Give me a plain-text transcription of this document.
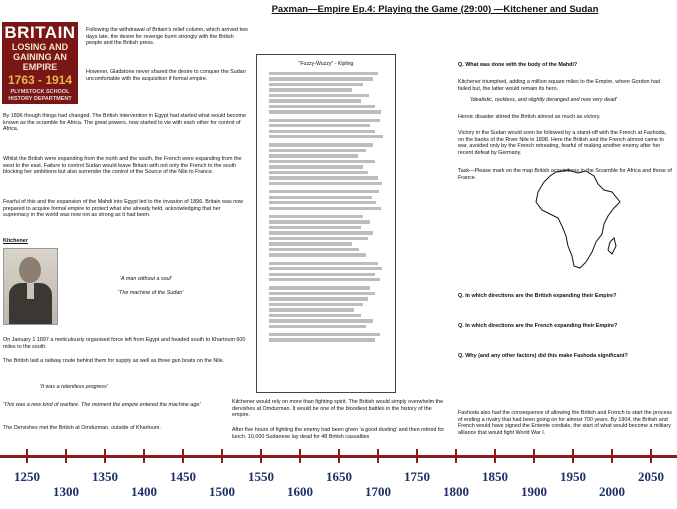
Paxman—Empire Ep.4: Playing the Game (29:00) —Kitchener and Sudan
BRITAIN
LOSING AND GAINING AN EMPIRE
1763 - 1914
PLYMSTOCK SCHOOL HISTORY DEPARTMENT
Following the withdrawal of Britain's relief column, which arrived two days late, the desire for revenge burnt strongly with the British people and the British press.
However, Gladstone never shared the desire to conquer the Sudan uncomfortable with the acquisition if formal empire.
By 1896 though things had changed. The British intervention in Egypt had started what would become known as the scramble for Africa. The great powers, now started to vie with each other for control of Africa.
Whilst the British were expanding from the north and the south, the French were expanding from the west to the east. Failure to control Sudan would leave Britain with not only the French to the south blocking her ambitions but also surrender the control of the Source of the Nile to France.
Fearful of this and the expansion of the Mahdi into Egypt led to the invasion of 1896. Britain was now prepared to acquire formal empire to protect what she already held, acknowledging that her supremacy in the world was now not as strong as it had been.
Kitchener
'A man without a soul'
'The machine of the Sudan'
On January 1 1897 a meticulously organised force left from Egypt and headed south to Khartoum 600 miles to the south.
The British laid a railway route behind them for supply as well as three gun boats on the Nile.
'It was a relentless progress'
'This was a new kind of warfare. The moment the empire entered the machine age'
The Dervishes met the British at Omdurman. outside of Khartoum.
"Fuzzy-Wuzzy" - Kipling
Kitchener would rely on more than fighting spirit. The British would simply overwhelm the dervishes at Omdurman. It would be one of the bloodiest battles in the history of the empire.
After five hours of fighting the enemy had been given 'a good dusting' and then retired for lunch. 10,000 Sudanese lay dead for 48 British casualties
Q. What was done with the body of the Mahdi?
Kitchener triumphed, adding a million square miles to the Empire, where Gordon had failed but, the latter would remain its hero.
'Idealistic, reckless, and slightly deranged and now very dead'
Heroic disaster stirred the British almost as much as victory.
Victory in the Sudan would soon be followed by a stand-off with the French at Fashoda, on the banks of the River Nile in 1898. Here the British and the French almost came to war, avoided only by the French retreating, fearful of making another enemy after her recent defeat by Germany.
Task—Please mark on the map British acquisitions in the Scramble for Africa and those of France.
Q. In which directions are the British expanding their Empire?
Q. In which directions are the French expanding their Empire?
Q. Why (and any other factors) did this make Fashoda significant?
Fashoda also had the consequence of allowing the British and French to start the process of ending a rivalry that had been going on for almost 700 years. By 1904, the British and French would have signed the Entente cordiale, the start of what would become a military alliance that would fight World War I.
1250
1300
1350
1400
1450
1500
1550
1600
1650
1700
1750
1800
1850
1900
1950
2000
2050
